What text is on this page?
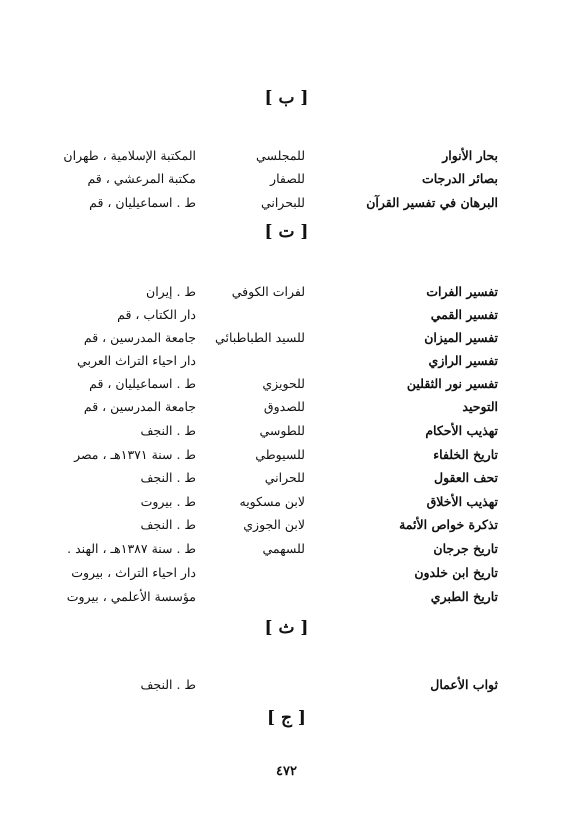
[ ب ]
بحار الأنوار
للمجلسي
المكتبة الإسلامية ، طهران
بصائر الدرجات
للصفار
مكتبة المرعشي ، قم
البرهان في تفسير القرآن
للبحراني
ط . اسماعيليان ، قم
[ ت ]
تفسير الفرات
لفرات الكوفي
ط . إيران
تفسير القمي
دار الكتاب ، قم
تفسير الميزان
للسيد الطباطبائي
جامعة المدرسين ، قم
تفسير الرازي
دار احياء التراث العربي
تفسير نور الثقلين
للحويزي
ط . اسماعيليان ، قم
التوحيد
للصدوق
جامعة المدرسين ، قم
تهذيب الأحكام
للطوسي
ط . النجف
تاريخ الخلفاء
للسيوطي
ط . سنة ١٣٧١هـ ، مصر
تحف العقول
للحراني
ط . النجف
تهذيب الأخلاق
لابن مسكويه
ط . بيروت
تذكرة خواص الأئمة
لابن الجوزي
ط . النجف
تاريخ جرجان
للسهمي
ط . سنة ١٣٨٧هـ ، الهند .
تاريخ ابن خلدون
دار احياء التراث ، بيروت
تاريخ الطبري
مؤسسة الأعلمي ، بيروت
[ ث ]
ثواب الأعمال
ط . النجف
[ ج ]
٤٧٢
